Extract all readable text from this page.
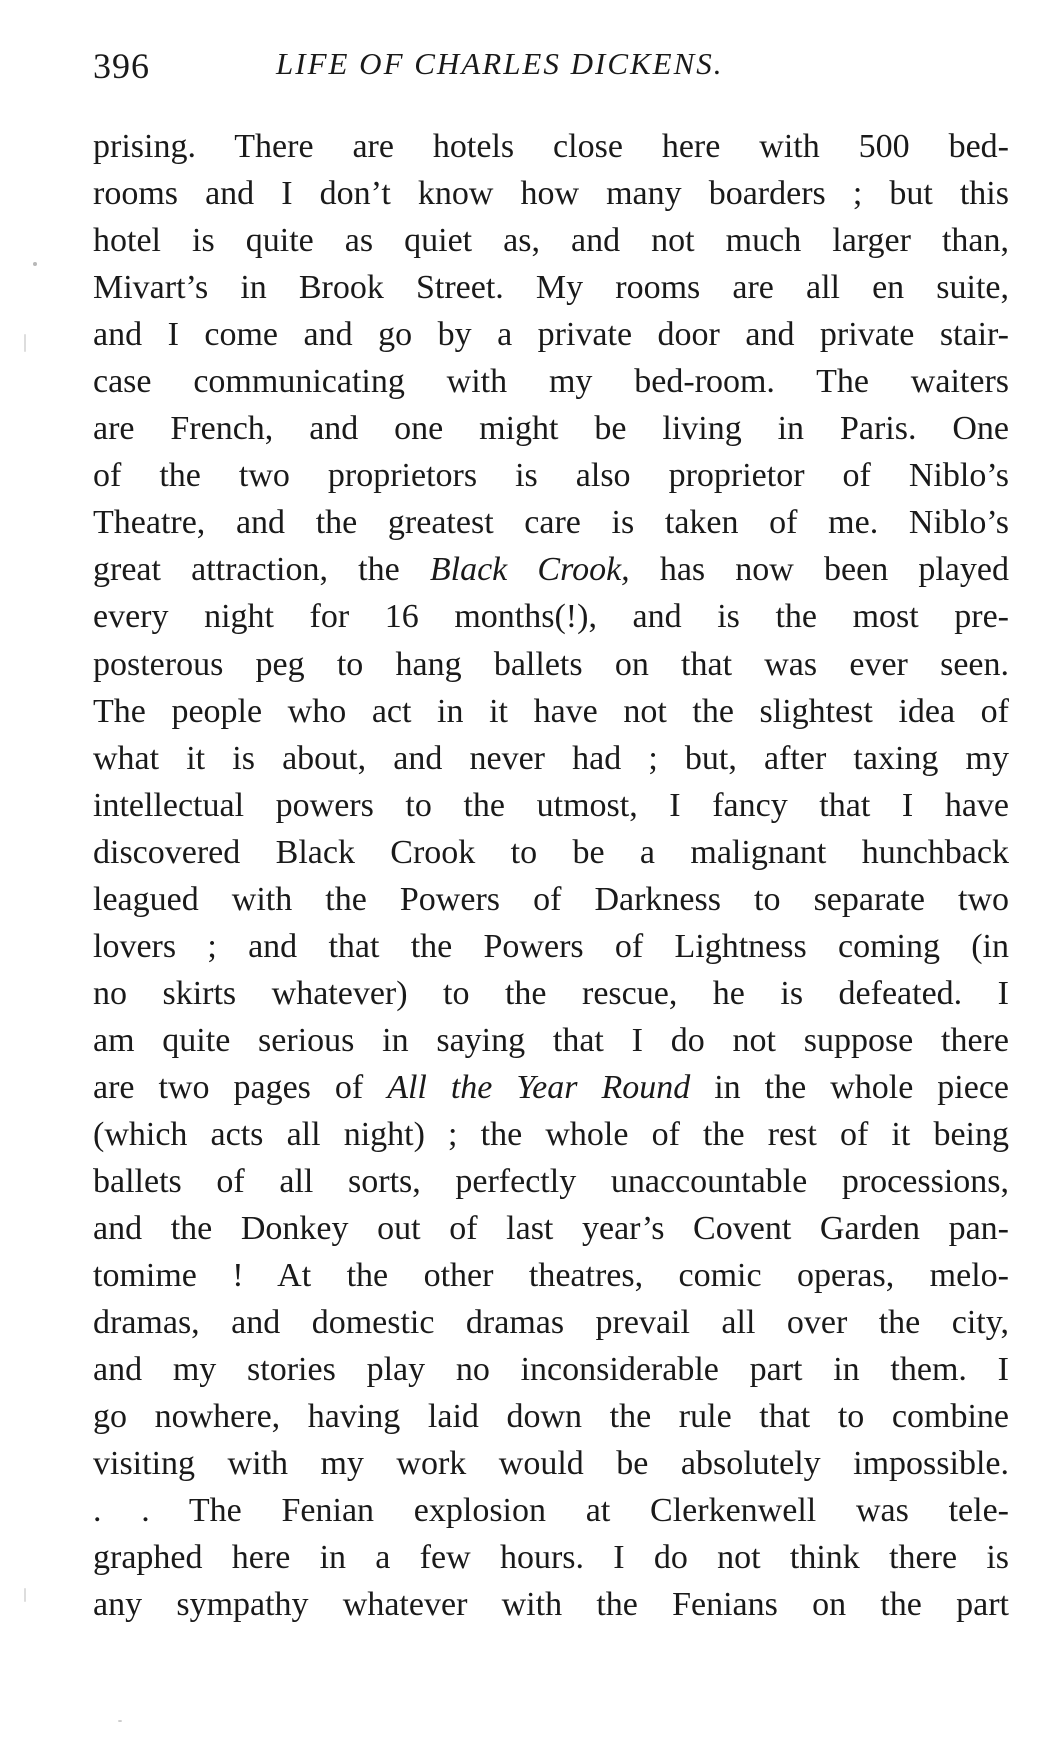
396	LIFE OF CHARLES DICKENS.
prising. There are hotels close here with 500 bed-
rooms and I don’t know how many boarders ; but this
hotel is quite as quiet as, and not much larger than,
Mivart’s in Brook Street. My rooms are all en suite,
and I come and go by a private door and private stair-
case communicating with my bed-room. The waiters
are French, and one might be living in Paris. One
of the two proprietors is also proprietor of Niblo’s
Theatre, and the greatest care is taken of me. Niblo’s
great attraction, the Black Crook, has now been played
every night for 16 months(!), and is the most pre-
posterous peg to hang ballets on that was ever seen.
The people who act in it have not the slightest idea of
what it is about, and never had ; but, after taxing my
intellectual powers to the utmost, I fancy that I have
discovered Black Crook to be a malignant hunchback
leagued with the Powers of Darkness to separate two
lovers ; and that the Powers of Lightness coming (in
no skirts whatever) to the rescue, he is defeated. I
am quite serious in saying that I do not suppose there
are two pages of All the Year Round in the whole piece
(which acts all night) ; the whole of the rest of it being
ballets of all sorts, perfectly unaccountable processions,
and the Donkey out of last year’s Covent Garden pan-
tomime ! At the other theatres, comic operas, melo-
dramas, and domestic dramas prevail all over the city,
and my stories play no inconsiderable part in them. I
go nowhere, having laid down the rule that to combine
visiting with my work would be absolutely impossible.
. . The Fenian explosion at Clerkenwell was tele-
graphed here in a few hours. I do not think there is
any sympathy whatever with the Fenians on the part
